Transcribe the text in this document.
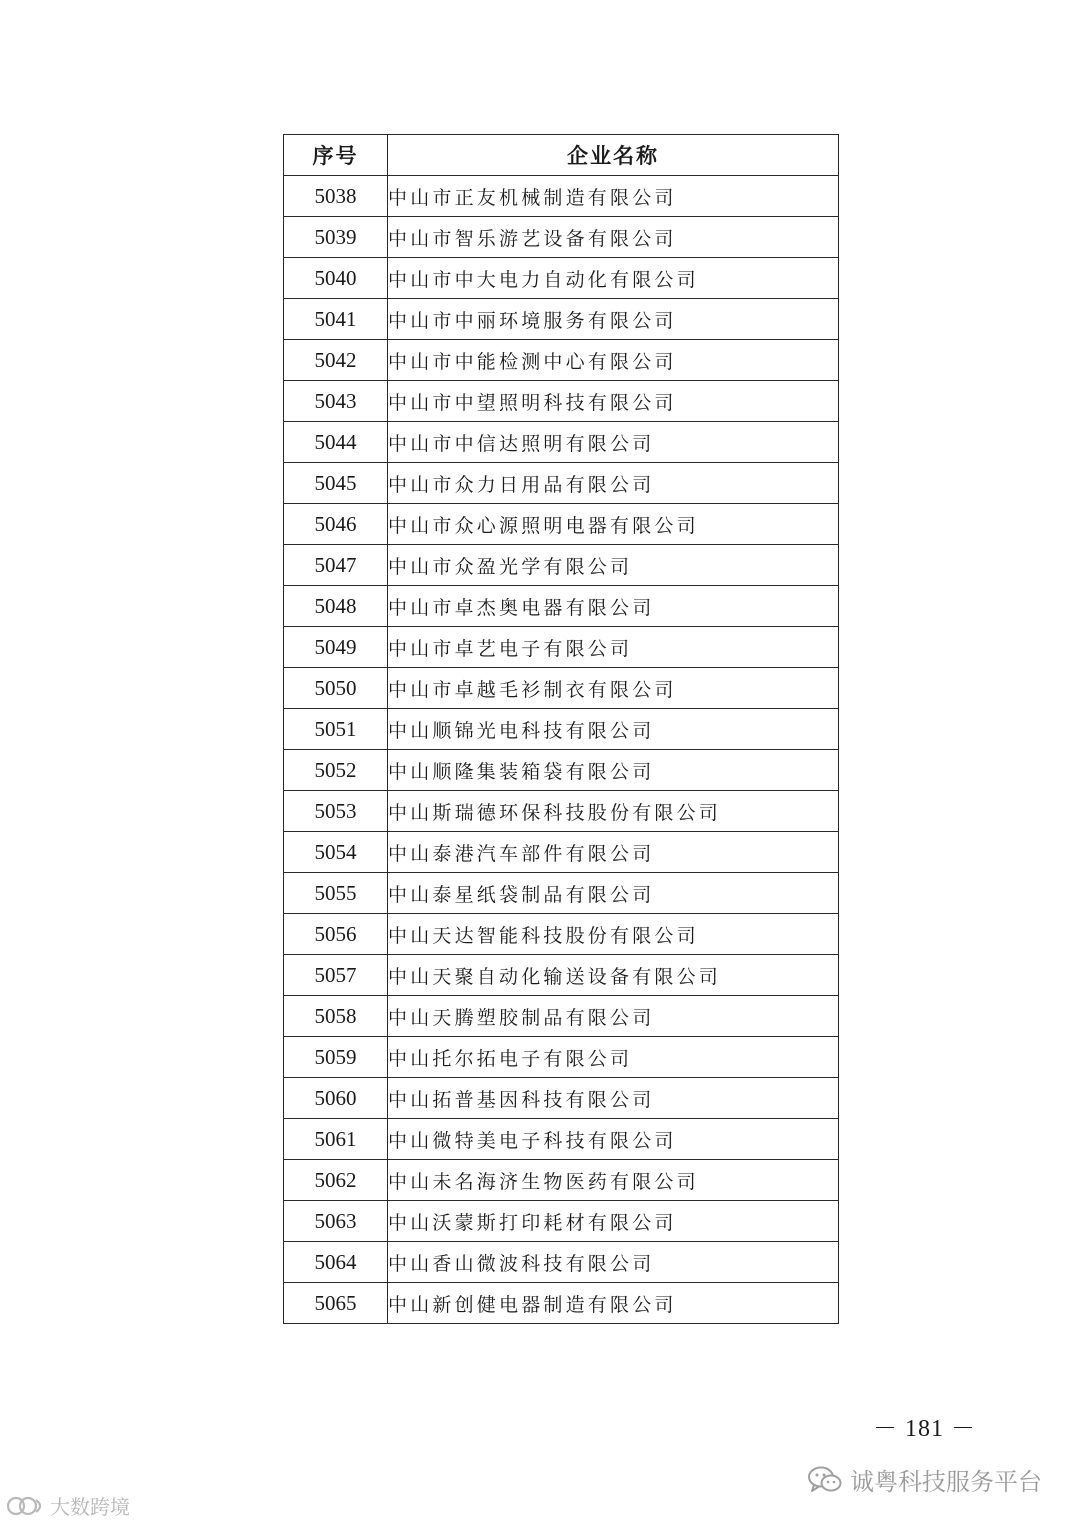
序号	企业名称
5038	中山市正友机械制造有限公司
5039	中山市智乐游艺设备有限公司
5040	中山市中大电力自动化有限公司
5041	中山市中丽环境服务有限公司
5042	中山市中能检测中心有限公司
5043	中山市中望照明科技有限公司
5044	中山市中信达照明有限公司
5045	中山市众力日用品有限公司
5046	中山市众心源照明电器有限公司
5047	中山市众盈光学有限公司
5048	中山市卓杰奥电器有限公司
5049	中山市卓艺电子有限公司
5050	中山市卓越毛衫制衣有限公司
5051	中山顺锦光电科技有限公司
5052	中山顺隆集装箱袋有限公司
5053	中山斯瑞德环保科技股份有限公司
5054	中山泰港汽车部件有限公司
5055	中山泰星纸袋制品有限公司
5056	中山天达智能科技股份有限公司
5057	中山天聚自动化输送设备有限公司
5058	中山天腾塑胶制品有限公司
5059	中山托尔拓电子有限公司
5060	中山拓普基因科技有限公司
5061	中山微特美电子科技有限公司
5062	中山未名海济生物医药有限公司
5063	中山沃蒙斯打印耗材有限公司
5064	中山香山微波科技有限公司
5065	中山新创健电器制造有限公司
－ 181 －
诚粤科技服务平台
大数跨境
